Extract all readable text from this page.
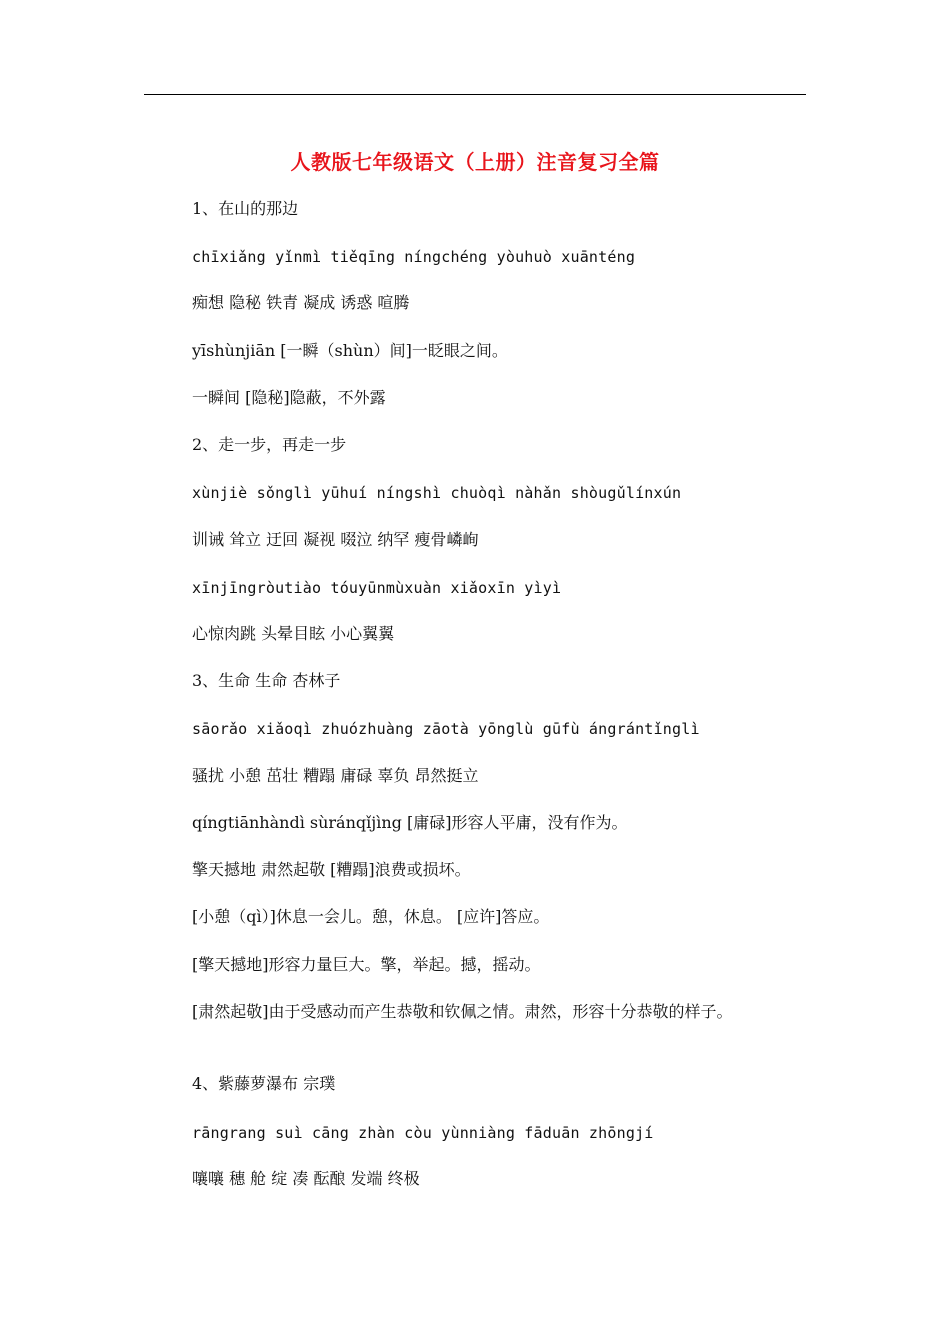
人教版七年级语文（上册）注音复习全篇
1、在山的那边
chīxiǎng yǐnmì tiěqīng níngchéng yòuhuò xuānténg
痴想 隐秘 铁青 凝成 诱惑 喧腾
yīshùnjiān [一瞬（shùn）间]一眨眼之间。
一瞬间 [隐秘]隐蔽，不外露
2、走一步，再走一步
xùnjiè sǒnglì yūhuí níngshì chuòqì nàhǎn shòugǔlínxún
训诫 耸立 迂回 凝视 啜泣 纳罕 瘦骨嶙峋
xīnjīngròutiào tóuyūnmùxuàn xiǎoxīn yìyì
心惊肉跳 头晕目眩 小心翼翼
3、生命 生命 杏林子
sāorǎo xiǎoqì zhuózhuàng zāotà yōnglù gūfù ángrántǐnglì
骚扰 小憩 茁壮 糟蹋 庸碌 辜负 昂然挺立
qíngtiānhàndì sùránqǐjìng [庸碌]形容人平庸，没有作为。
擎天撼地 肃然起敬 [糟蹋]浪费或损坏。
[小憩（qì）]休息一会儿。憩，休息。 [应许]答应。
[擎天撼地]形容力量巨大。擎，举起。撼，摇动。
[肃然起敬]由于受感动而产生恭敬和钦佩之情。肃然，形容十分恭敬的样子。
4、紫藤萝瀑布 宗璞
rāngrang suì cāng zhàn còu yùnniàng fāduān zhōngjí
嚷嚷 穗 舱 绽 凑 酝酿 发端 终极
